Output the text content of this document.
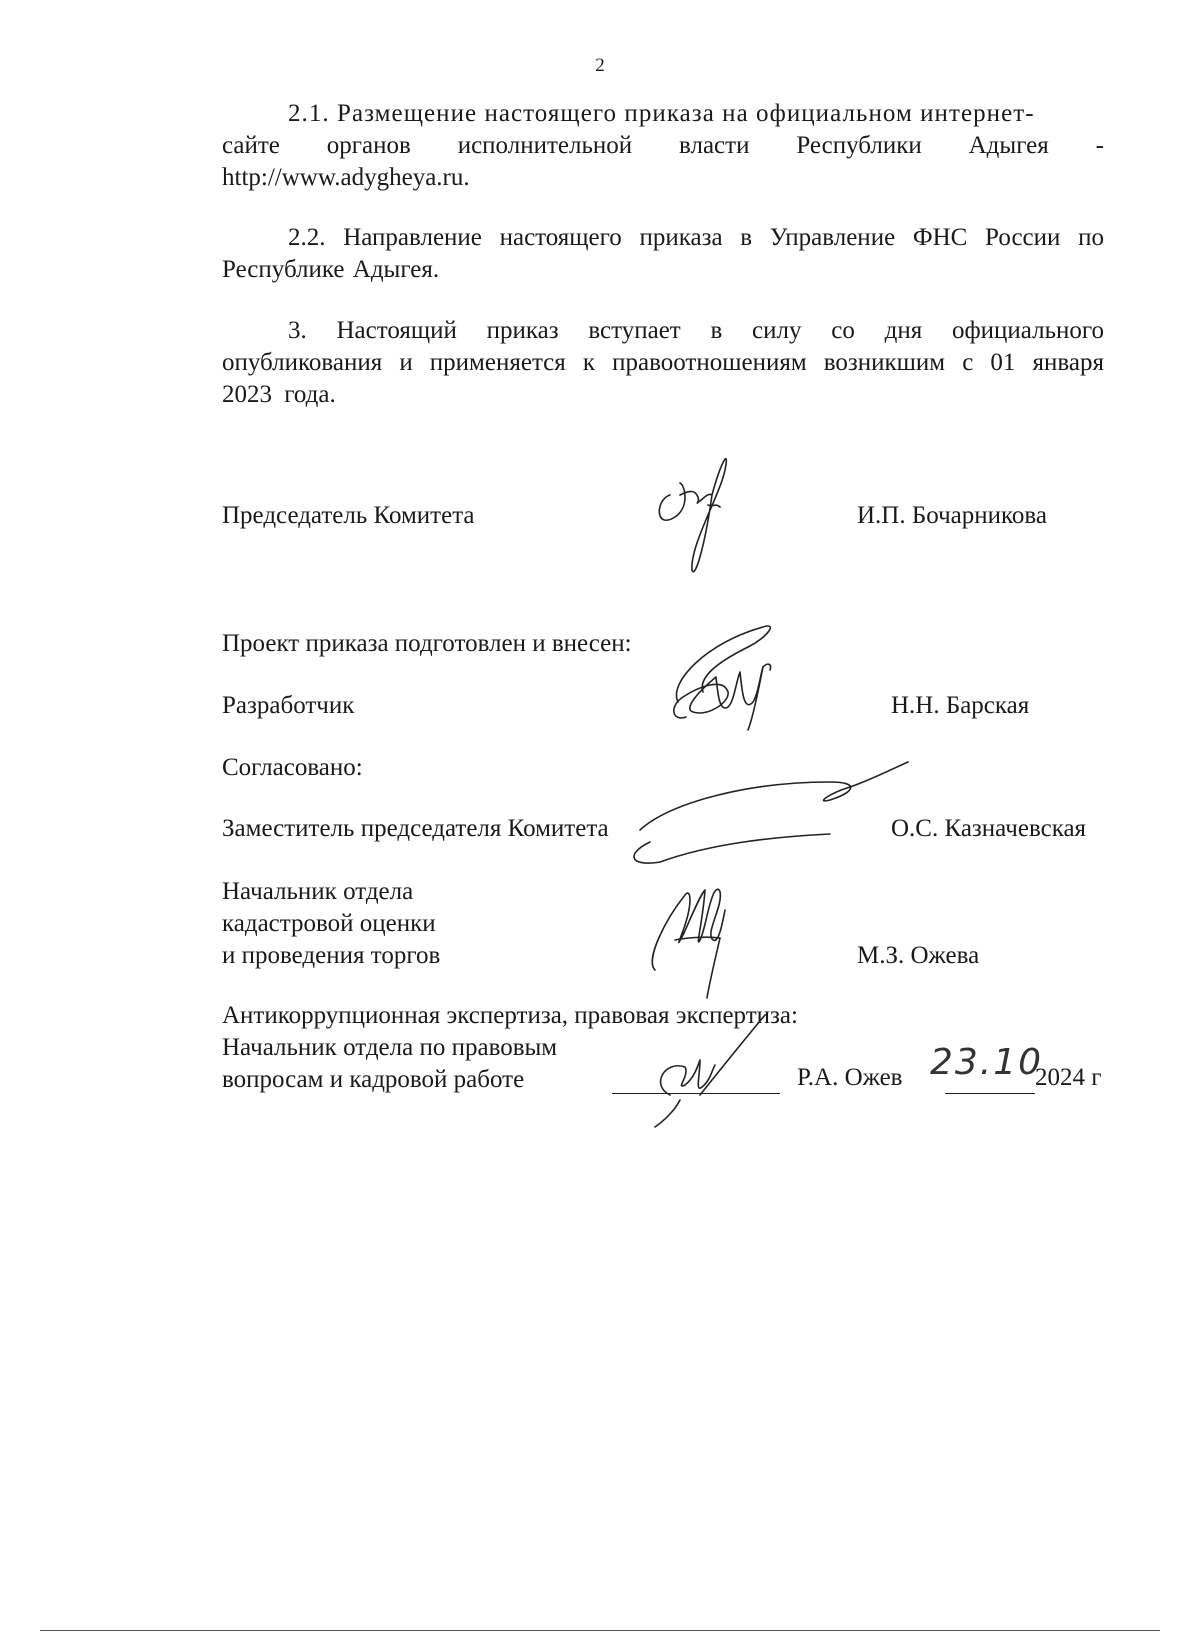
2
2.1. Размещение настоящего приказа на официальном интернет-
сайте органов исполнительной власти Республики Адыгея -
http://www.adygheya.ru.
2.2. Направление настоящего приказа в Управление ФНС России по Республике Адыгея.
3. Настоящий приказ вступает в силу со дня официального опубликования и применяется к правоотношениям возникшим с 01 января 2023 года.
Председатель Комитета	И.П. Бочарникова
Проект приказа подготовлен и внесен:
Разработчик	Н.Н. Барская
Согласовано:
Заместитель председателя Комитета	О.С. Казначевская
Начальник отдела
кадастровой оценки
и проведения торгов	М.З. Ожева
Антикоррупционная экспертиза, правовая экспертиза:
Начальник отдела по правовым
вопросам и кадровой работе	Р.А. Ожев 23.10
2024 г
